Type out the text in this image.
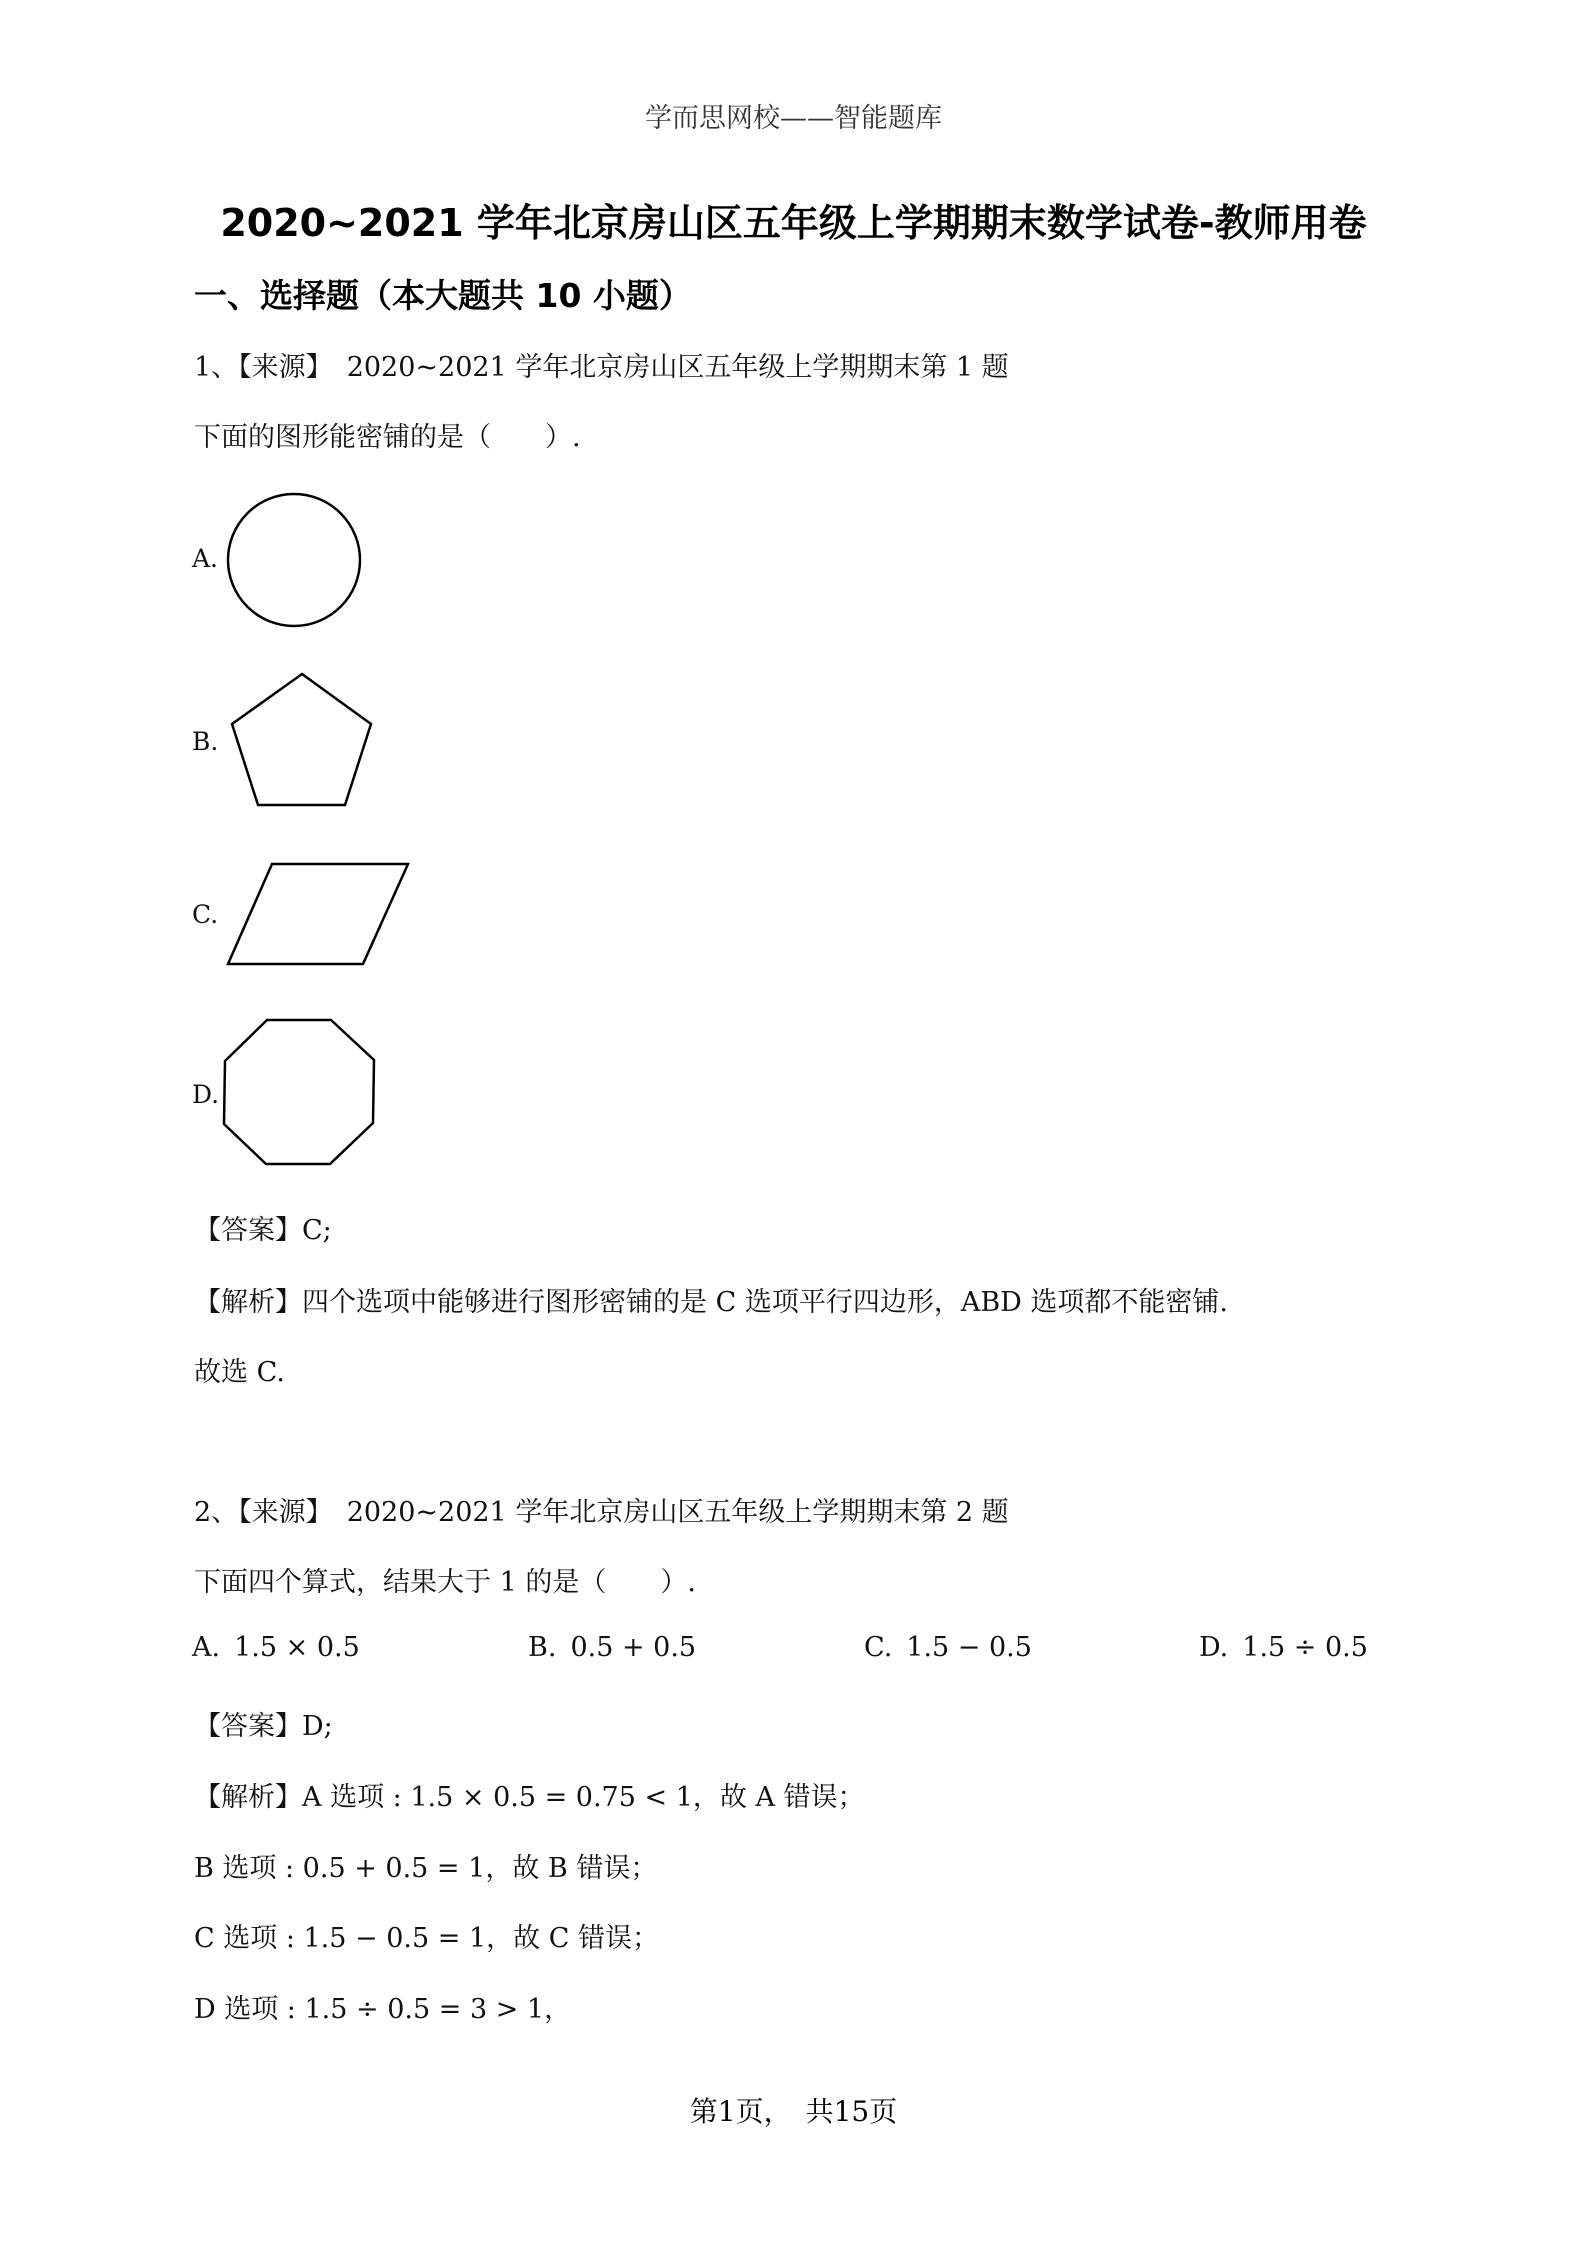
学而思网校——智能题库
2020~2021 学年北京房山区五年级上学期期末数学试卷-教师用卷
一、选择题（本大题共 10 小题）
1、【来源】 2020~2021 学年北京房山区五年级上学期期末第 1 题
下面的图形能密铺的是（　　）.
A.
B.
C.
D.
【答案】C;
【解析】四个选项中能够进行图形密铺的是 C 选项平行四边形，ABD 选项都不能密铺.
故选 C.
2、【来源】 2020~2021 学年北京房山区五年级上学期期末第 2 题
下面四个算式，结果大于 1 的是（　　）.
A. 1.5 × 0.5	B. 0.5 + 0.5	C. 1.5 − 0.5	D. 1.5 ÷ 0.5
【答案】D;
【解析】A 选项 : 1.5 × 0.5 = 0.75 < 1，故 A 错误；
B 选项 : 0.5 + 0.5 = 1，故 B 错误；
C 选项 : 1.5 − 0.5 = 1，故 C 错误；
D 选项 : 1.5 ÷ 0.5 = 3 > 1，
第1页，　共15页
